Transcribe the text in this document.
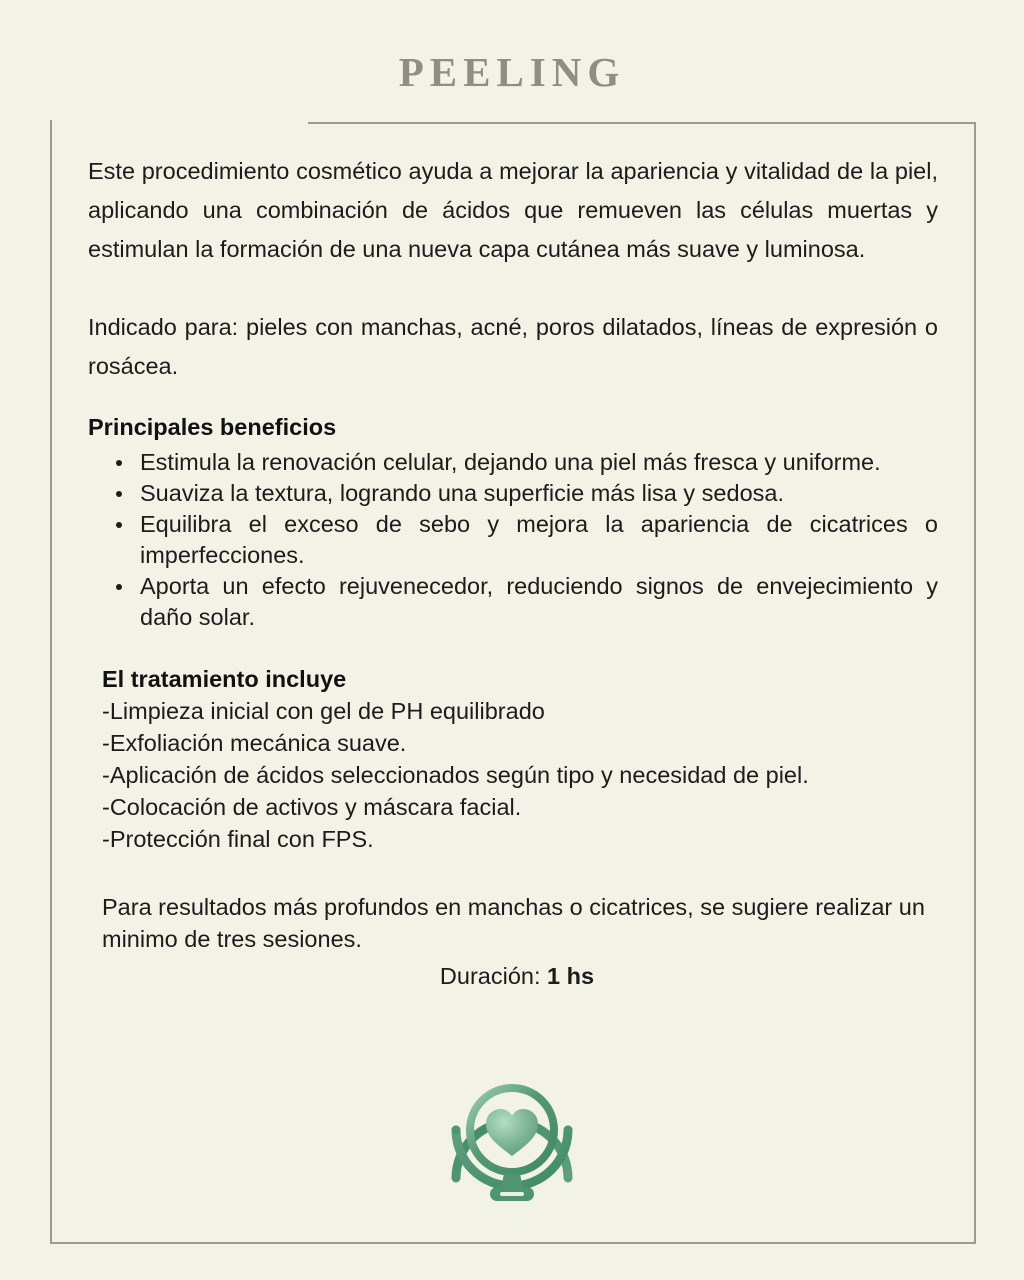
PEELING

Este procedimiento cosmético ayuda a mejorar la apariencia y vitalidad de la piel, aplicando una combinación de ácidos que remueven las células muertas y estimulan la formación de una nueva capa cutánea más suave y luminosa.

Indicado para: pieles con manchas, acné, poros dilatados, líneas de expresión o rosácea.

Principales beneficios

Estimula la renovación celular, dejando una piel más fresca y uniforme.
Suaviza la textura, logrando una superficie más lisa y sedosa.
Equilibra el exceso de sebo y mejora la apariencia de cicatrices o imperfecciones.
Aporta un efecto rejuvenecedor, reduciendo signos de envejecimiento y daño solar.

El tratamiento incluye

-Limpieza inicial con gel de PH equilibrado

-Exfoliación mecánica suave.

-Aplicación de ácidos seleccionados según tipo y necesidad de piel.

-Colocación de activos y máscara facial.

-Protección final con FPS.

Para resultados más profundos en manchas o cicatrices, se sugiere realizar un minimo de tres sesiones.

Duración: 1 hs
